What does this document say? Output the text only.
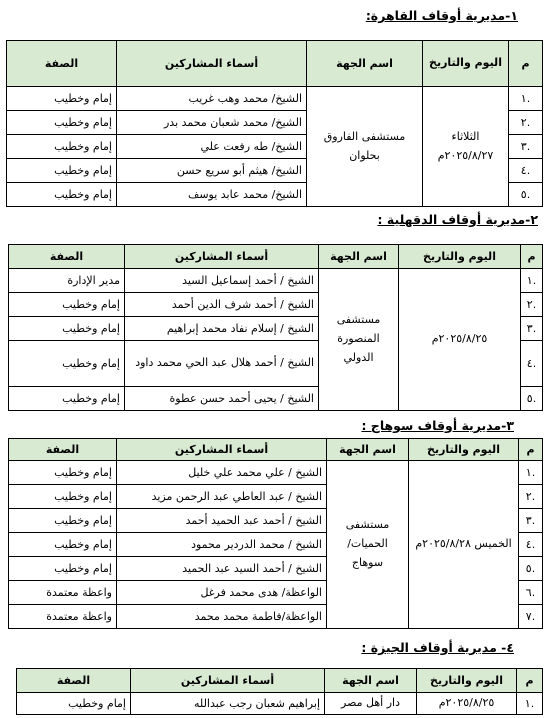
١-مديرية أوقاف القاهرة:
م	اليوم والتاريخ	اسم الجهة	أسماء المشاركين	الصفة
.١	الثلاثاء ٢٠٢٥/٨/٢٧م	مستشفى الفاروق بحلوان	الشيخ/ محمد وهب غريب	إمام وخطيب
.٢			الشيخ/ محمد شعبان محمد بدر	إمام وخطيب
.٣			الشيخ/ طه رفعت علي	إمام وخطيب
.٤			الشيخ/ هيثم أبو سريع حسن	إمام وخطيب
.٥			الشيخ/ محمد عابد يوسف	إمام وخطيب
٢-مديرية أوقاف الدقهلية :
م	اليوم والتاريخ	اسم الجهة	أسماء المشاركين	الصفة
.١	٢٠٢٥/٨/٢٥م	مستشفى المنصورة الدولي	الشيخ / أحمد إسماعيل السيد	مدير الإدارة
.٢			الشيخ / أحمد شرف الدين أحمد	إمام وخطيب
.٣			الشيخ / إسلام نفاد محمد إبراهيم	إمام وخطيب
.٤			الشيخ / أحمد هلال عبد الحي محمد داود	إمام وخطيب
.٥			الشيخ / يحيى أحمد حسن عطوة	إمام وخطيب
٣-مديرية أوقاف سوهاج :
م	اليوم والتاريخ	اسم الجهة	أسماء المشاركين	الصفة
.١	الخميس ٢٠٢٥/٨/٢٨م	مستشفى الحميات/ سوهاج	الشيخ / علي محمد علي خليل	إمام وخطيب
.٢			الشيخ / عبد العاطي عبد الرحمن مزيد	إمام وخطيب
.٣			الشيخ / أحمد عبد الحميد أحمد	إمام وخطيب
.٤			الشيخ / محمد الدردير محمود	إمام وخطيب
.٥			الشيخ / أحمد السيد عبد الحميد	إمام وخطيب
.٦			الواعظة/ هدى محمد فرغل	واعظة معتمدة
.٧			الواعظة/فاطمة محمد محمد	واعظة معتمدة
٤- مديرية أوقاف الجيزة :
م	اليوم والتاريخ	اسم الجهة	أسماء المشاركين	الصفة
.١	٢٠٢٥/٨/٢٥م	دار أهل مصر	إبراهيم شعبان رجب عبدالله	إمام وخطيب
